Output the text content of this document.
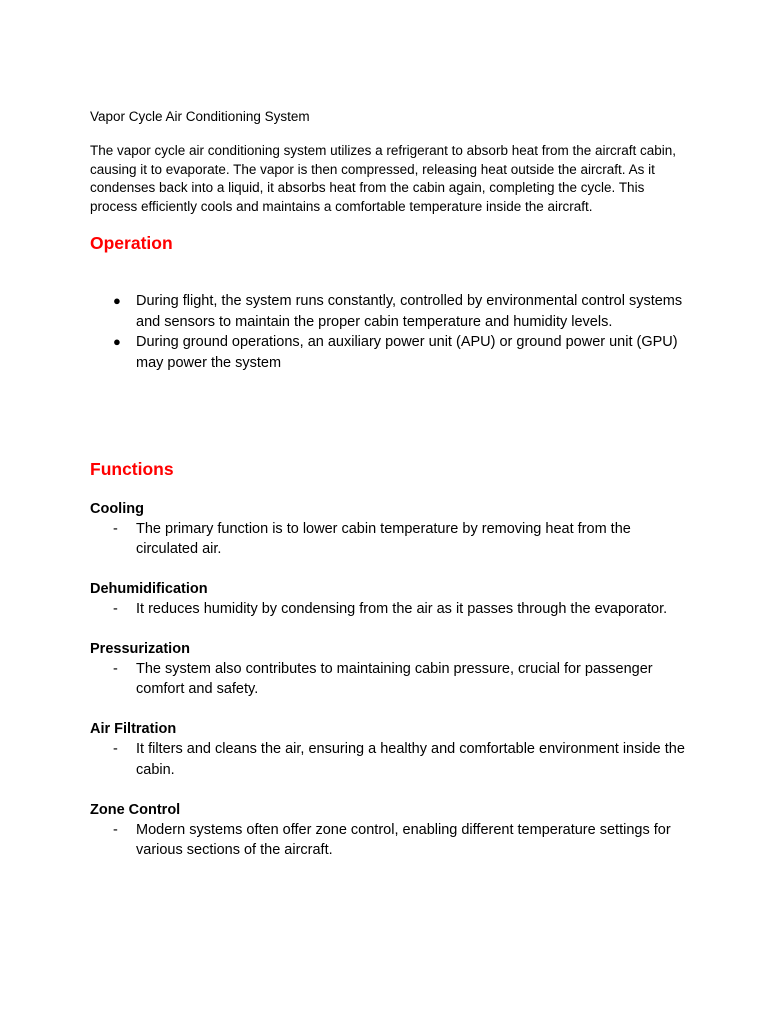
Vapor Cycle Air Conditioning System

The vapor cycle air conditioning system utilizes a refrigerant to absorb heat from the aircraft cabin, causing it to evaporate. The vapor is then compressed, releasing heat outside the aircraft. As it condenses back into a liquid, it absorbs heat from the cabin again, completing the cycle. This process efficiently cools and maintains a comfortable temperature inside the aircraft.

Operation
● During flight, the system runs constantly, controlled by environmental control systems and sensors to maintain the proper cabin temperature and humidity levels.
● During ground operations, an auxiliary power unit (APU) or ground power unit (GPU) may power the system
Functions

Cooling

- The primary function is to lower cabin temperature by removing heat from the circulated air.

Dehumidification

- It reduces humidity by condensing from the air as it passes through the evaporator.

Pressurization

- The system also contributes to maintaining cabin pressure, crucial for passenger comfort and safety.

Air Filtration

- It filters and cleans the air, ensuring a healthy and comfortable environment inside the cabin.

Zone Control

- Modern systems often offer zone control, enabling different temperature settings for various sections of the aircraft.
